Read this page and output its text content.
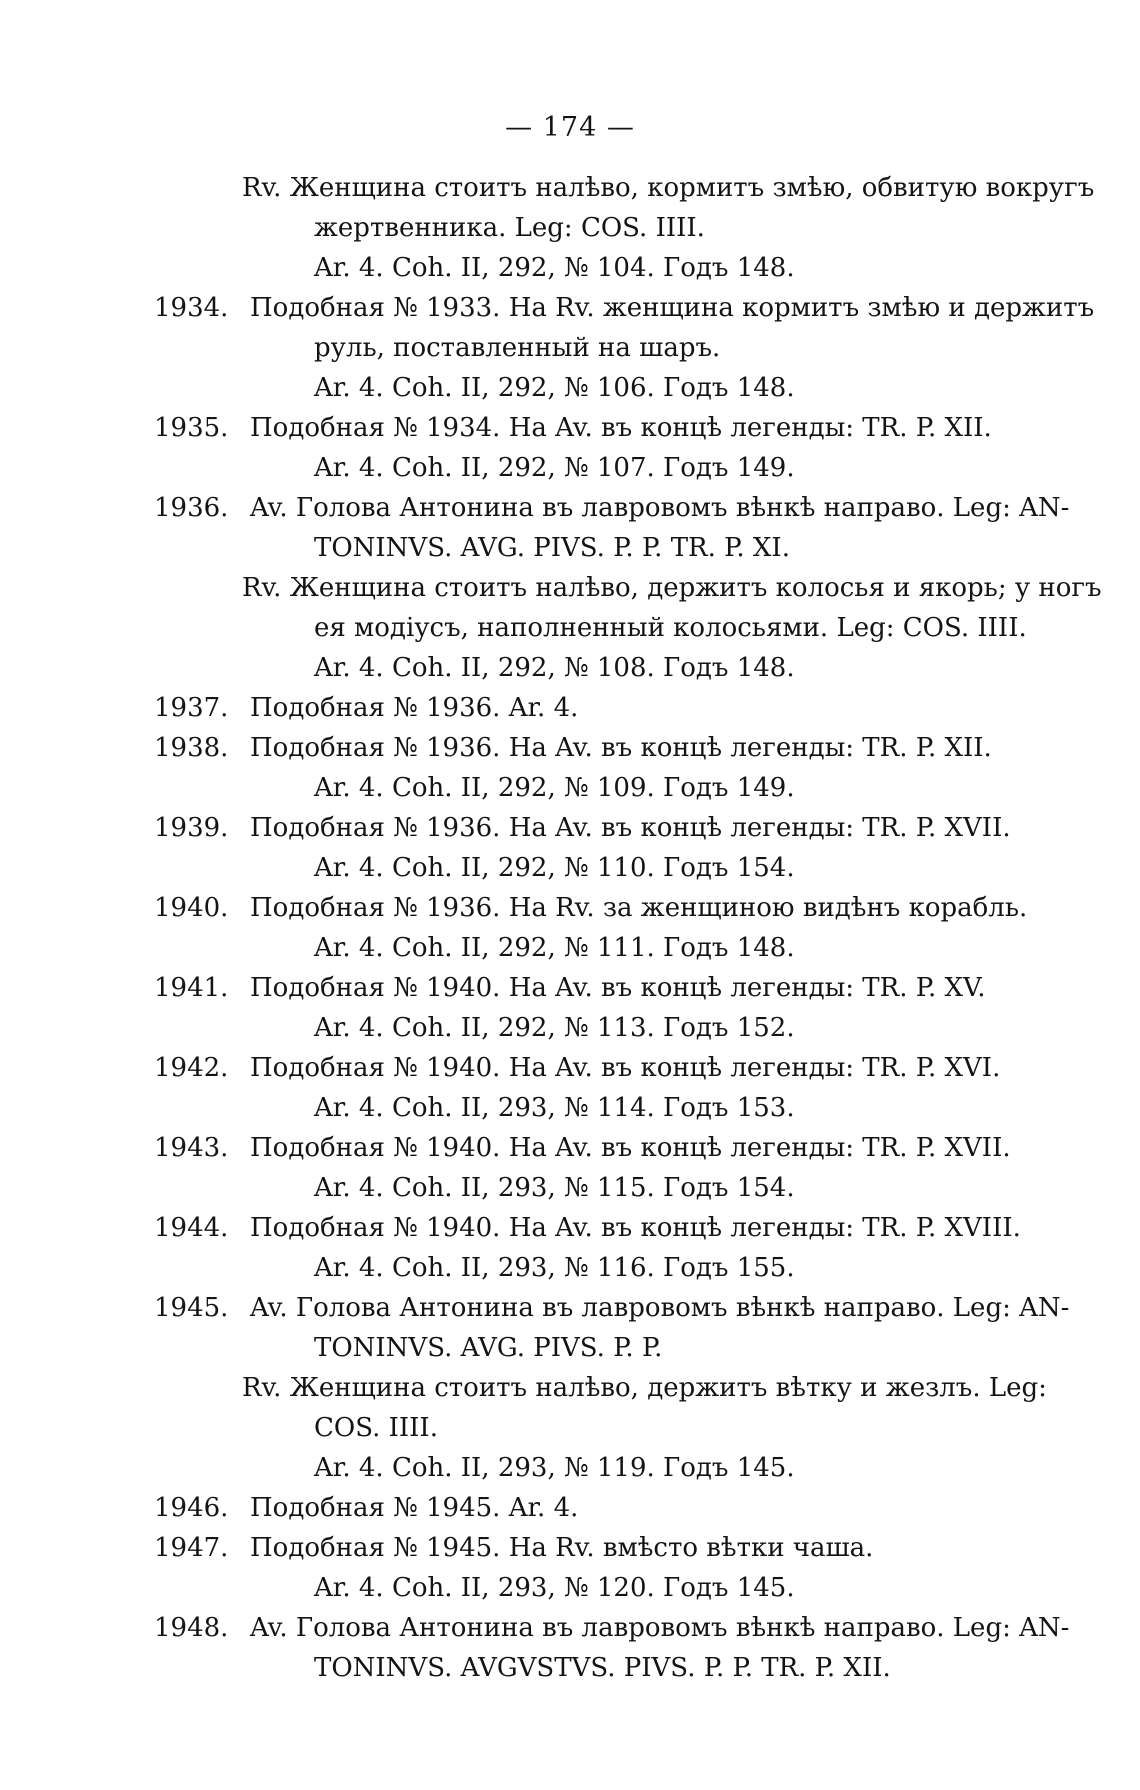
— 174 —
Rv. Женщина стоитъ налѣво, кормитъ змѣю, обвитую вокругъ
жертвенника. Leg: COS. IIII.
Ar. 4. Coh. II, 292, № 104. Годъ 148.
1934. Подобная № 1933. На Rv. женщина кормитъ змѣю и держитъ
руль, поставленный на шаръ.
Ar. 4. Coh. II, 292, № 106. Годъ 148.
1935. Подобная № 1934. На Av. въ концѣ легенды: TR. P. XII.
Ar. 4. Coh. II, 292, № 107. Годъ 149.
1936. Av. Голова Антонина въ лавровомъ вѣнкѣ направо. Leg: AN-
TONINVS. AVG. PIVS. P. P. TR. P. XI.
Rv. Женщина стоитъ налѣво, держитъ колосья и якорь; у ногъ
ея модiусъ, наполненный колосьями. Leg: COS. IIII.
Ar. 4. Coh. II, 292, № 108. Годъ 148.
1937. Подобная № 1936. Ar. 4.
1938. Подобная № 1936. На Av. въ концѣ легенды: TR. P. XII.
Ar. 4. Coh. II, 292, № 109. Годъ 149.
1939. Подобная № 1936. На Av. въ концѣ легенды: TR. P. XVII.
Ar. 4. Coh. II, 292, № 110. Годъ 154.
1940. Подобная № 1936. На Rv. за женщиною видѣнъ корабль.
Ar. 4. Coh. II, 292, № 111. Годъ 148.
1941. Подобная № 1940. На Av. въ концѣ легенды: TR. P. XV.
Ar. 4. Coh. II, 292, № 113. Годъ 152.
1942. Подобная № 1940. На Av. въ концѣ легенды: TR. P. XVI.
Ar. 4. Coh. II, 293, № 114. Годъ 153.
1943. Подобная № 1940. На Av. въ концѣ легенды: TR. P. XVII.
Ar. 4. Coh. II, 293, № 115. Годъ 154.
1944. Подобная № 1940. На Av. въ концѣ легенды: TR. P. XVIII.
Ar. 4. Coh. II, 293, № 116. Годъ 155.
1945. Av. Голова Антонина въ лавровомъ вѣнкѣ направо. Leg: AN-
TONINVS. AVG. PIVS. P. P.
Rv. Женщина стоитъ налѣво, держитъ вѣтку и жезлъ. Leg:
COS. IIII.
Ar. 4. Coh. II, 293, № 119. Годъ 145.
1946. Подобная № 1945. Ar. 4.
1947. Подобная № 1945. На Rv. вмѣсто вѣтки чаша.
Ar. 4. Coh. II, 293, № 120. Годъ 145.
1948. Av. Голова Антонина въ лавровомъ вѣнкѣ направо. Leg: AN-
TONINVS. AVGVSTVS. PIVS. P. P. TR. P. XII.
